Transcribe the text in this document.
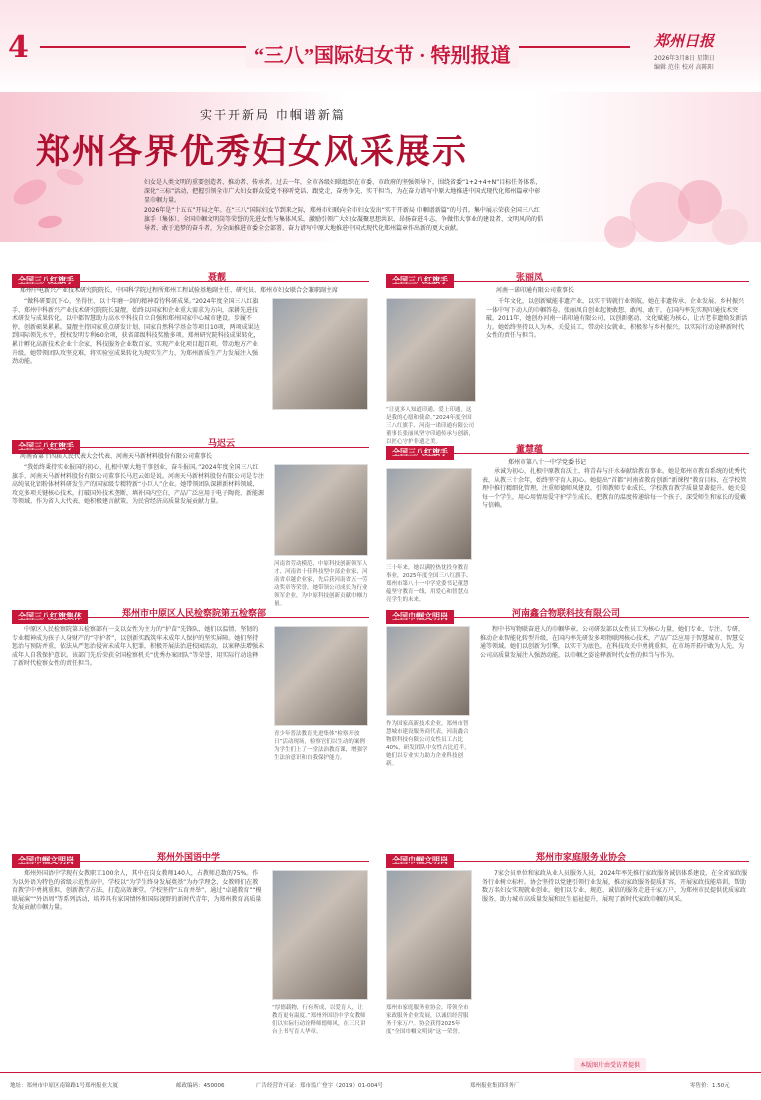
4	“三八”国际妇女节 · 特别报道
郑州日报
2026年3月8日 星期日
编辑 范佳 校对 高陈阳
实干开新局 巾帼谱新篇
郑州各界优秀妇女风采展示

妇女是人类文明的重要创造者、推动者、传承者。过去一年，全市各级妇联组织在市委、市政府的坚强领导下，围绕省委“1+2+4+N”目标任务体系，深化“三标”活动，把握引领全市广大妇女群众爱党不移听党话、跟党走，奋勇争先、实干担当，为在奋力谱写中原大地推进中国式现代化郑州篇章中彰显巾帼力量。

2026年是“十五五”开局之年。在“三八”国际妇女节到来之际，郑州市妇联向全市妇女发出“实干开新局 巾帼谱新篇”的号召。集中展示荣获全国三八红旗手（集体）、全国巾帼文明岗等荣誉的先进女性与集体风采，激励引领广大妇女凝聚思想共识、昂扬奋进斗志，争做伟大事业的建设者、文明风尚的倡导者、敢于追梦的奋斗者，为全面推进市委全会部署、奋力谱写中原大地推进中国式现代化郑州篇章作出新的更大贡献。

聂靓
郑州中电新兴产业技术研究院院长、中国科学院过程所郑州工程试验基地副主任、研究员、郑州市妇女联合会兼职副主席
“做科研要沉下心，坐得住、以十年磨一剑的精神看待科研成果。”2024年度全国三八红旗手、郑州中科新兴产业技术研究院院长聂靓，始终以国家和企业重大需求为方向，深耕先进技术研发与成果转化，以中都智慧助力高水平科技自立自强和郑州国家中心城市建设。步履不停，创新硕果累累。聂靓主持国家重点研发计划、国家自然科学基金等项目10项，两项成果达到国际领先水平，授权发明专利60余项，获省部级科技奖励多项。郑州研究院科技成果转化，累计孵化高新技术企业十余家，科技服务企业数百家，实现产业化项目超百项，带动地方产业升级。她带领团队攻坚克难，将实验室成果转化为现实生产力，为郑州新质生产力发展注入强劲动能。
张丽凤
河南一诺印通有限公司董事长
“让更多人知道印通、爱上印通，这是我的心愿和使命。”2024年度全国三八红旗手、河南一诺印通有限公司董事长张丽凤坚守印通传承与创新，以匠心守护非遗之美。
千年文化，以创新赋能非遗产业，以实干铸就行业领航，她在非遗传承、企业发展、乡村振兴一体中写下动人的巾帼答卷。张丽凤自创业起便敢想、敢闯、敢干，在国内率先实现印通技术突破。2011年，她创办河南一诺印通有限公司，以创新驱动、文化赋能为核心，让古老非遗焕发新活力。她始终坚持以人为本，关爱员工，带动妇女就业，积极参与乡村振兴，以实际行动诠释新时代女性的责任与担当。
马迟云
河南省第十四届人民代表大会代表、河南天马新材料股份有限公司董事长
“我始终秉持实业报国的初心，扎根中原大地干事创业，奋斗报国。”2024年度全国三八红旗手、河南天马新材料股份有限公司董事长马迟云如是说。河南天马新材料股份有限公司是专注高纯氧化铝粉体材料研发生产的国家级专精特新“小巨人”企业。她带领团队深耕新材料领域，攻克多项关键核心技术，打破国外技术垄断，填补国内空白，产品广泛应用于电子陶瓷、新能源等领域。作为省人大代表，她积极建言献策，为民营经济高质量发展贡献力量。
河南省劳动模范、中原科技创新领军人才、河南省十佳科技型中部企业家、河南省卓越企业家，先后获河南省五一劳动奖章等荣誉。她带领公司成长为行业领军企业，为中原科技创新贡献巾帼力量。
董慧蕴
郑州市第八十一中学党委书记
三十年来，她以满腔热忱投身教育事业，2025年度全国三八红旗手、郑州市第八十一中学党委书记董慧蕴坚守教育一线，用爱心和智慧点亮学生的未来。
承诚为初心，扎根中原教育沃土，将青春与汗水奉献给教育事业。她是郑州市教育系统的优秀代表，从教三十余年，始终坚守育人初心。她提出“首都”河南省教育创新“新课程”教育目标，在学校管理中推行精细化管理，注重师德师风建设，引领教师专业成长，学校教育教学质量显著提升。她关爱每一个学生，用心用情用爱守护学生成长，把教育的温度传递给每一个孩子，深受师生和家长的爱戴与信赖。
郑州市中原区人民检察院第五检察部
中原区人民检察院第五检察部有一支以女性为主力的“护苗”先锋队，她们以温情、坚韧的专业精神成为孩子人身财产的“守护者”，以创新实践筑牢未成年人保护的坚实屏障。她们坚持惩治与预防并重，依法从严惩治侵害未成年人犯罪，积极开展法治进校园活动，以案释法增强未成年人自我保护意识。该部门先后荣获全国检察机关“优秀办案团队”等荣誉，用实际行动诠释了新时代检察女性的责任担当。
青少年普法教育先进集体“检察开放日”活动现场，检察官们以生动的案例为学生们上了一堂法治教育课，增强学生法治意识和自我保护能力。
河南鑫合物联科技有限公司
作为国家高新技术企业，郑州市智慧城市建设服务商代表，河南鑫合物联科技有限公司女性员工占比40%，研发团队中女性占比近半，她们以专业实力助力企业科技创新。
程中书写物联奋进人的巾帼华章。公司研发部以女性员工为核心力量，她们专业、专注、专研，推动企业智能化转型升级，在国内率先研发多项物联网核心技术，产品广泛应用于智慧城市、智慧交通等领域。她们以创新为引擎，以实干为底色，在科技攻关中勇挑重担，在市场开拓中敢为人先，为公司高质量发展注入强劲动能，以巾帼之姿诠释新时代女性的担当与作为。
郑州外国语中学
郑州外国语中学现有女教职工100余人，其中在岗女教师140人，占教师总数的75%。作为以外语为特色的省级示范性高中，学校以“为学生终身发展奠基”为办学理念，女教师们在教育教学中勇挑重担，创新教学方法，打造高效课堂。学校坚持“五育并举”，通过“卓越教育”“模联展演”“外语周”等系列活动，培养具有家国情怀和国际视野的新时代青年，为郑州教育高质量发展贡献巾帼力量。
“厚德载物，行有所成，以爱育人，让教育更有温度。”郑州外国语中学女教师们以实际行动诠释师德师风，在三尺讲台上书写育人华章。
郑州市家庭服务业协会
郑州市家庭服务业协会，带领全市家政服务企业发展，以诚信经营服务千家万户。协会获得2025年度“全国巾帼文明岗”这一荣誉。
7家会员单位和家政从业人员服务人员，2024年率先推行家政服务诚信体系建设，在全省家政服务行业树立标杆。协会坚持以党建引领行业发展，推动家政服务提质扩容，开展家政技能培训，帮助数万名妇女实现就业创业。她们以专业、规范、诚信的服务走进千家万户，为郑州市民提供优质家政服务，助力城市高质量发展和民生福祉提升，展现了新时代家政巾帼的风采。
本版图片由受访者提供
地址：郑州市中原区南锦路1号郑州报业大厦	邮政编码：450006	广告经营许可证：郑市监广登字（2019）01-004号	郑州报业集团印务厂	零售价：1.50元
